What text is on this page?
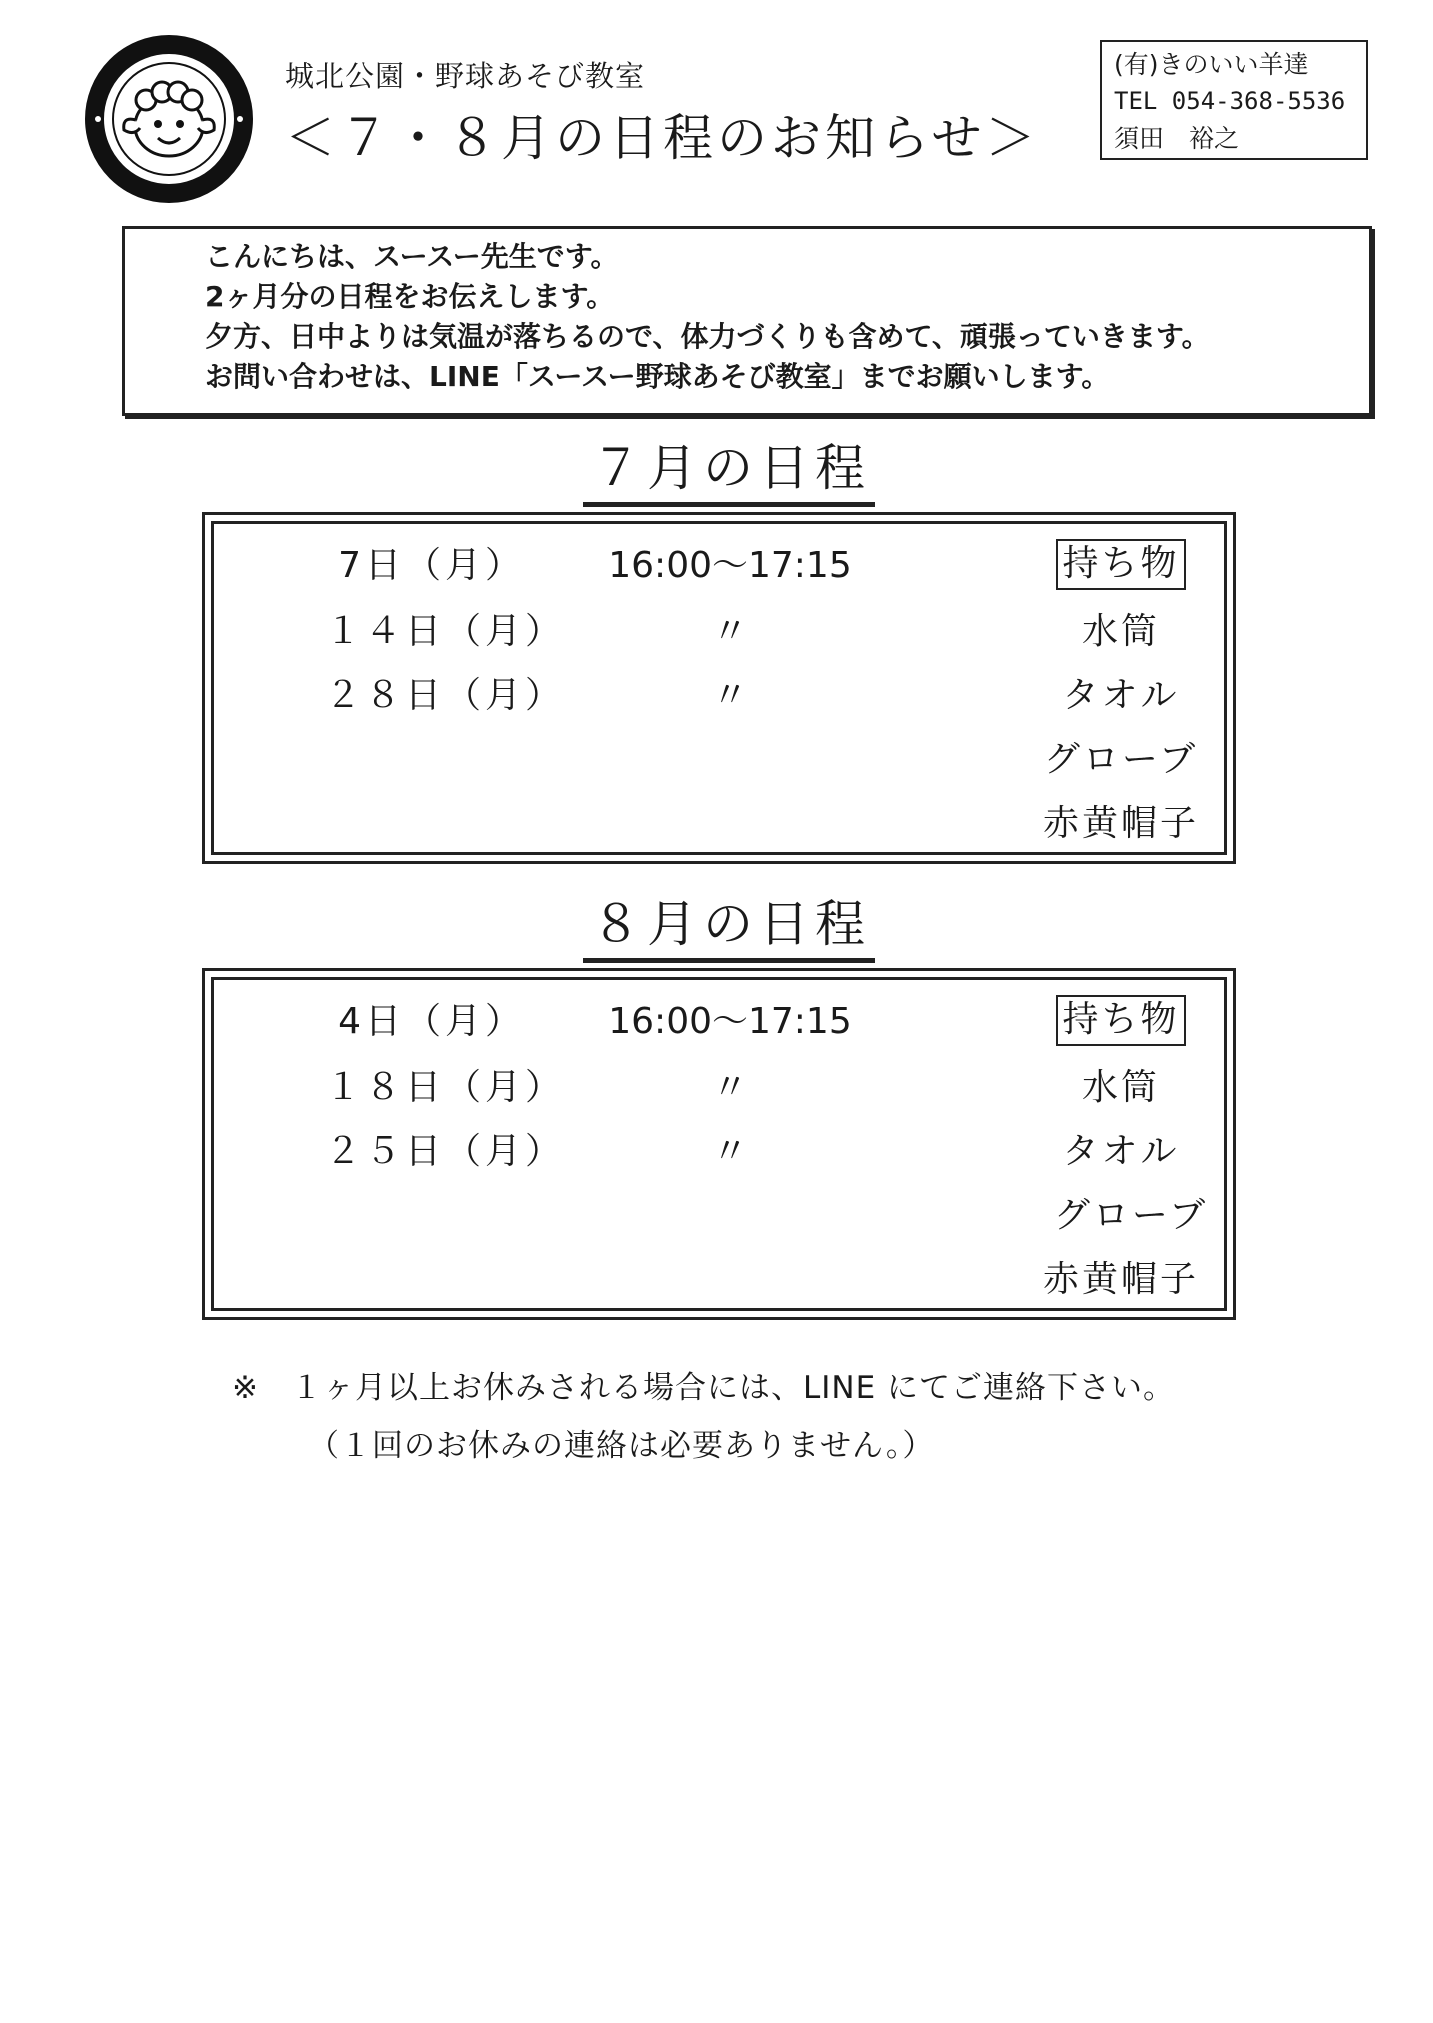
城北公園・野球あそび教室
＜７・８月の日程のお知らせ＞
(有)きのいい羊達
TEL 054-368-5536
須田　裕之
こんにちは、スースー先生です。
2ヶ月分の日程をお伝えします。
夕方、日中よりは気温が落ちるので、体力づくりも含めて、頑張っていきます。
お問い合わせは、LINE「スースー野球あそび教室」までお願いします。
７月の日程
7日（月）
１４日（月）
２８日（月）
16:00〜17:15
〃
〃
持ち物
水筒
タオル
グローブ
赤黄帽子
８月の日程
4日（月）
１８日（月）
２５日（月）
16:00〜17:15
〃
〃
持ち物
水筒
タオル
グローブ
赤黄帽子
※　１ヶ月以上お休みされる場合には、LINE にてご連絡下さい。
（１回のお休みの連絡は必要ありません。）
